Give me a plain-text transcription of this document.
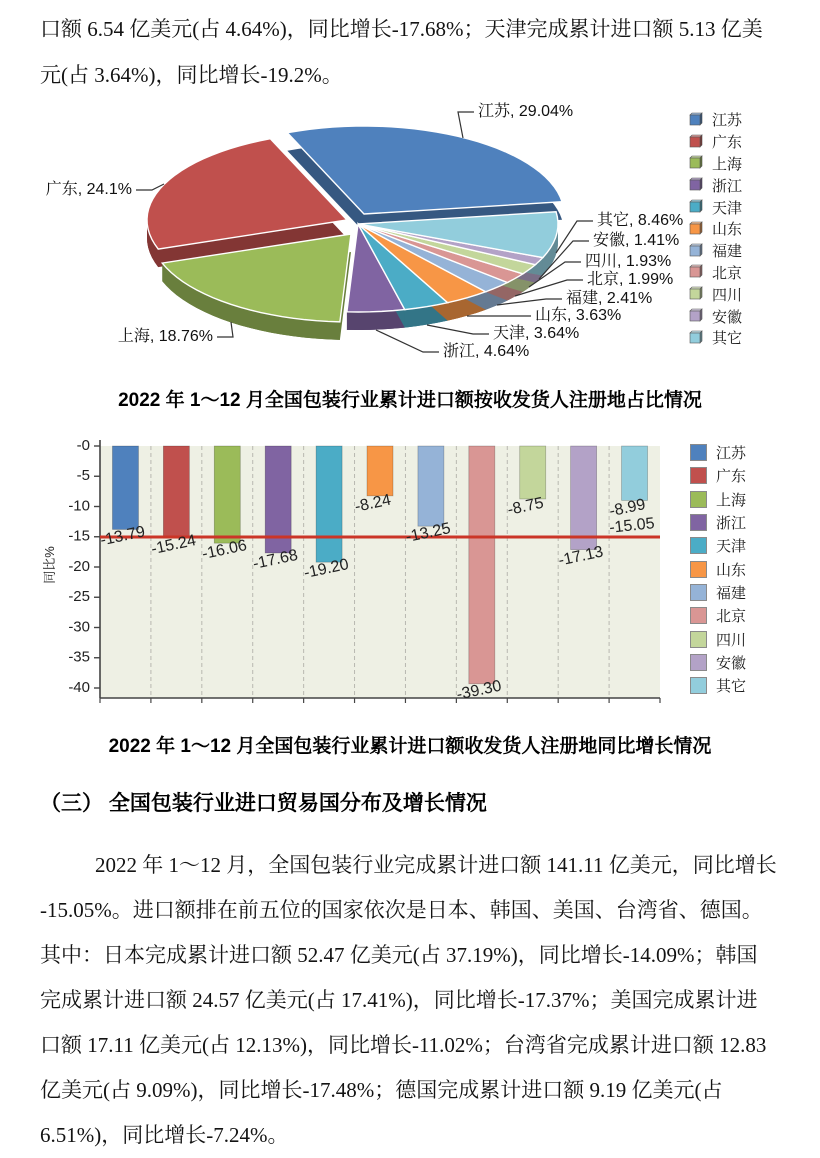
口额 6.54 亿美元(占 4.64%)，同比增长-17.68%；天津完成累计进口额 5.13 亿美
元(占 3.64%)，同比增长-19.2%。
江苏, 29.04%
广东, 24.1%
上海, 18.76%
浙江, 4.64%
天津, 3.64%
山东, 3.63%
福建, 2.41%
北京, 1.99%
四川, 1.93%
安徽, 1.41%
其它, 8.46%
江苏
广东
上海
浙江
天津
山东
福建
北京
四川
安徽
其它
2022 年 1～12 月全国包装行业累计进口额按收发货人注册地占比情况
-0
-5
-10
-15
-20
-25
-30
-35
-40
同比%
-15.05
-13.79 -15.24 -16.06 -17.68 -19.20
-8.24
-13.25
-39.30
-8.75
-17.13
-8.99
江苏
广东
上海
浙江
天津
山东
福建
北京
四川
安徽
其它
2022 年 1～12 月全国包装行业累计进口额收发货人注册地同比增长情况
（三） 全国包装行业进口贸易国分布及增长情况
2022 年 1～12 月，全国包装行业完成累计进口额 141.11 亿美元，同比增长
-15.05%。进口额排在前五位的国家依次是日本、韩国、美国、台湾省、德国。
其中：日本完成累计进口额 52.47 亿美元(占 37.19%)，同比增长-14.09%；韩国
完成累计进口额 24.57 亿美元(占 17.41%)，同比增长-17.37%；美国完成累计进
口额 17.11 亿美元(占 12.13%)，同比增长-11.02%；台湾省完成累计进口额 12.83
亿美元(占 9.09%)，同比增长-17.48%；德国完成累计进口额 9.19 亿美元(占
6.51%)，同比增长-7.24%。
